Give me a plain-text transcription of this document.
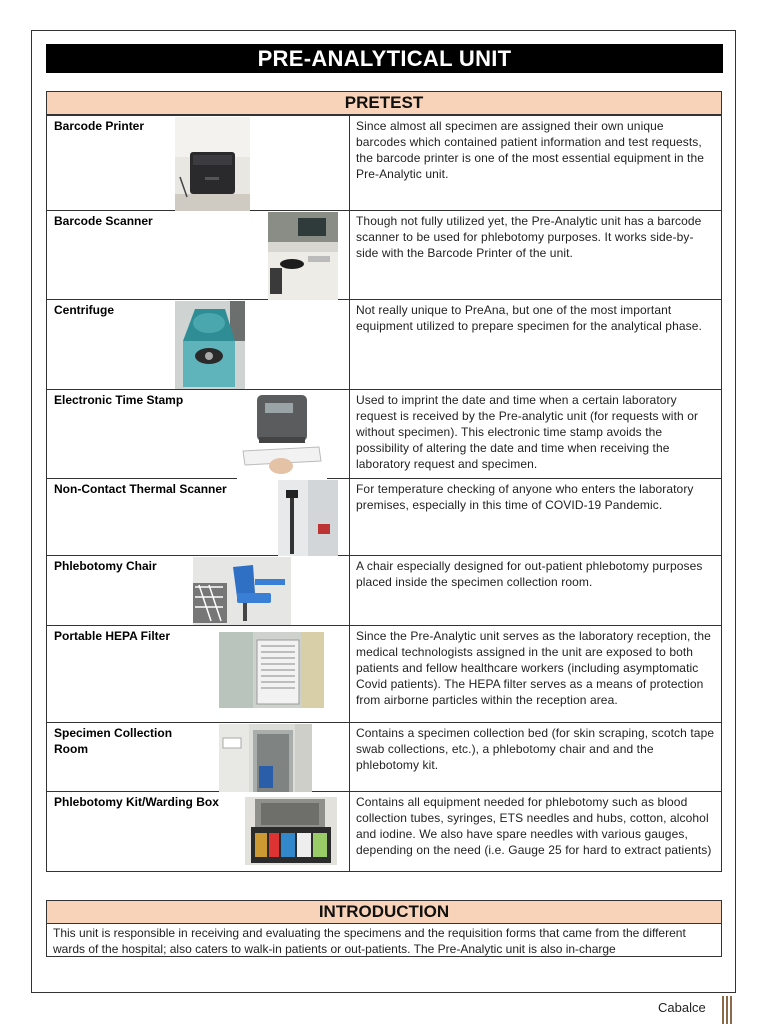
PRE-ANALYTICAL UNIT
PRETEST
Barcode Printer	Since almost all specimen are assigned their own unique barcodes which contained patient information and test requests, the barcode printer is one of the most essential equipment in the Pre-Analytic unit.

Barcode Scanner	Though not fully utilized yet, the Pre-Analytic unit has a barcode scanner to be used for phlebotomy purposes. It works side-by-side with the Barcode Printer of the unit.

Centrifuge	Not really unique to PreAna, but one of the most important equipment utilized to prepare specimen for the analytical phase.

Electronic Time Stamp	Used to imprint the date and time when a certain laboratory request is received by the Pre-analytic unit (for requests with or without specimen). This electronic time stamp avoids the possibility of altering the date and time when receiving the laboratory request and specimen.

Non-Contact Thermal Scanner	For temperature checking of anyone who enters the laboratory premises, especially in this time of COVID-19 Pandemic.

Phlebotomy Chair	A chair especially designed for out-patient phlebotomy purposes placed inside the specimen collection room.

Portable HEPA Filter	Since the Pre-Analytic unit serves as the laboratory reception, the medical technologists assigned in the unit are exposed to both patients and fellow healthcare workers (including asymptomatic Covid patients). The HEPA filter serves as a means of protection from airborne particles within the reception area.

Specimen Collection Room	Contains a specimen collection bed (for skin scraping, scotch tape swab collections, etc.), a phlebotomy chair and and the phlebotomy kit.

Phlebotomy Kit/Warding Box	Contains all equipment needed for phlebotomy such as blood collection tubes, syringes, ETS needles and hubs, cotton, alcohol and iodine. We also have spare needles with various gauges, depending on the need (i.e. Gauge 25 for hard to extract patients)
INTRODUCTION
This unit is responsible in receiving and evaluating the specimens and the requisition forms that came from the different wards of the hospital; also caters to walk-in patients or out-patients. The Pre-Analytic unit is also in-charge
Cabalce
